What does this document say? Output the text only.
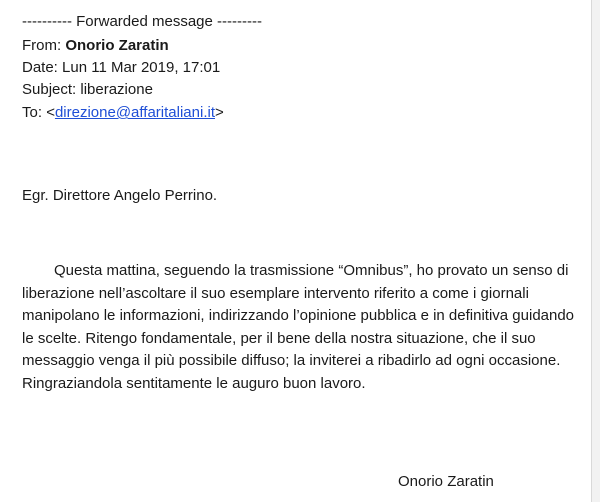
---------- Forwarded message ---------
From: Onorio Zaratin
Date: Lun 11 Mar 2019, 17:01
Subject: liberazione
To: <direzione@affaritaliani.it>
Egr. Direttore Angelo Perrino.
Questa mattina, seguendo la trasmissione “Omnibus”, ho provato un senso di liberazione nell’ascoltare il suo esemplare intervento riferito a come i giornali manipolano le informazioni, indirizzando l’opinione pubblica e in definitiva guidando le scelte. Ritengo fondamentale, per il bene della nostra situazione, che il suo messaggio venga il più possibile diffuso; la inviterei a ribadirlo ad ogni occasione. Ringraziandola sentitamente le auguro buon lavoro.
Onorio Zaratin
